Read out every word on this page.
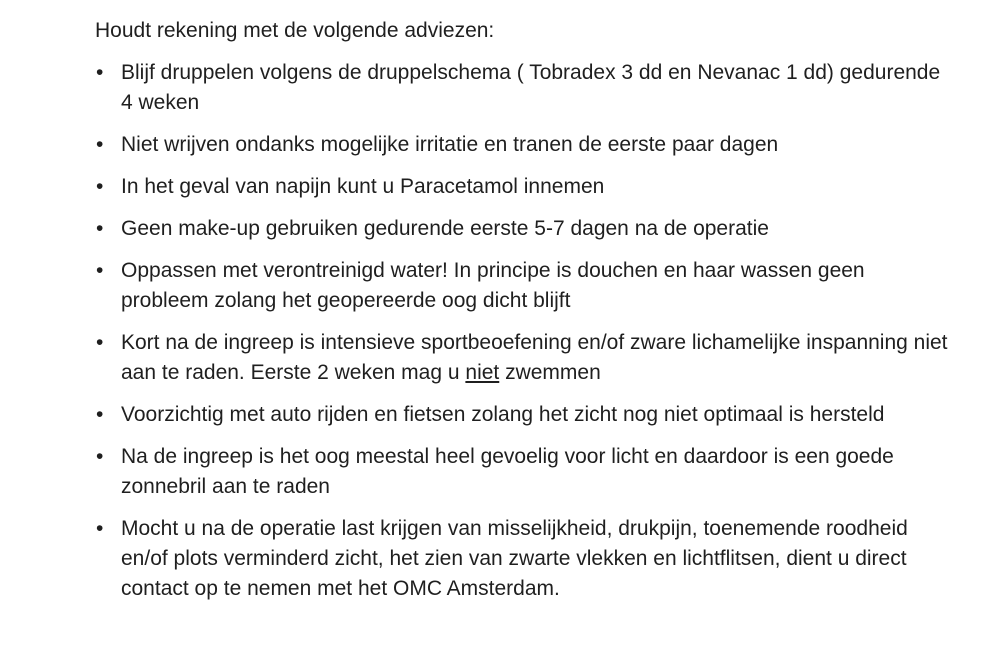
Houdt rekening met de volgende adviezen:

• Blijf druppelen volgens de druppelschema ( Tobradex 3 dd en Nevanac 1 dd) gedurende 4 weken
• Niet wrijven ondanks mogelijke irritatie en tranen de eerste paar dagen
• In het geval van napijn kunt u Paracetamol innemen
• Geen make-up gebruiken gedurende eerste 5-7 dagen na de operatie
• Oppassen met verontreinigd water! In principe is douchen en haar wassen geen probleem zolang het geopereerde oog dicht blijft
• Kort na de ingreep is intensieve sportbeoefening en/of zware lichamelijke inspanning niet aan te raden. Eerste 2 weken mag u niet zwemmen
• Voorzichtig met auto rijden en fietsen zolang het zicht nog niet optimaal is hersteld
• Na de ingreep is het oog meestal heel gevoelig voor licht en daardoor is een goede zonnebril aan te raden
• Mocht u na de operatie last krijgen van misselijkheid, drukpijn, toenemende roodheid en/of plots verminderd zicht, het zien van zwarte vlekken en lichtflitsen, dient u direct contact op te nemen met het OMC Amsterdam.
